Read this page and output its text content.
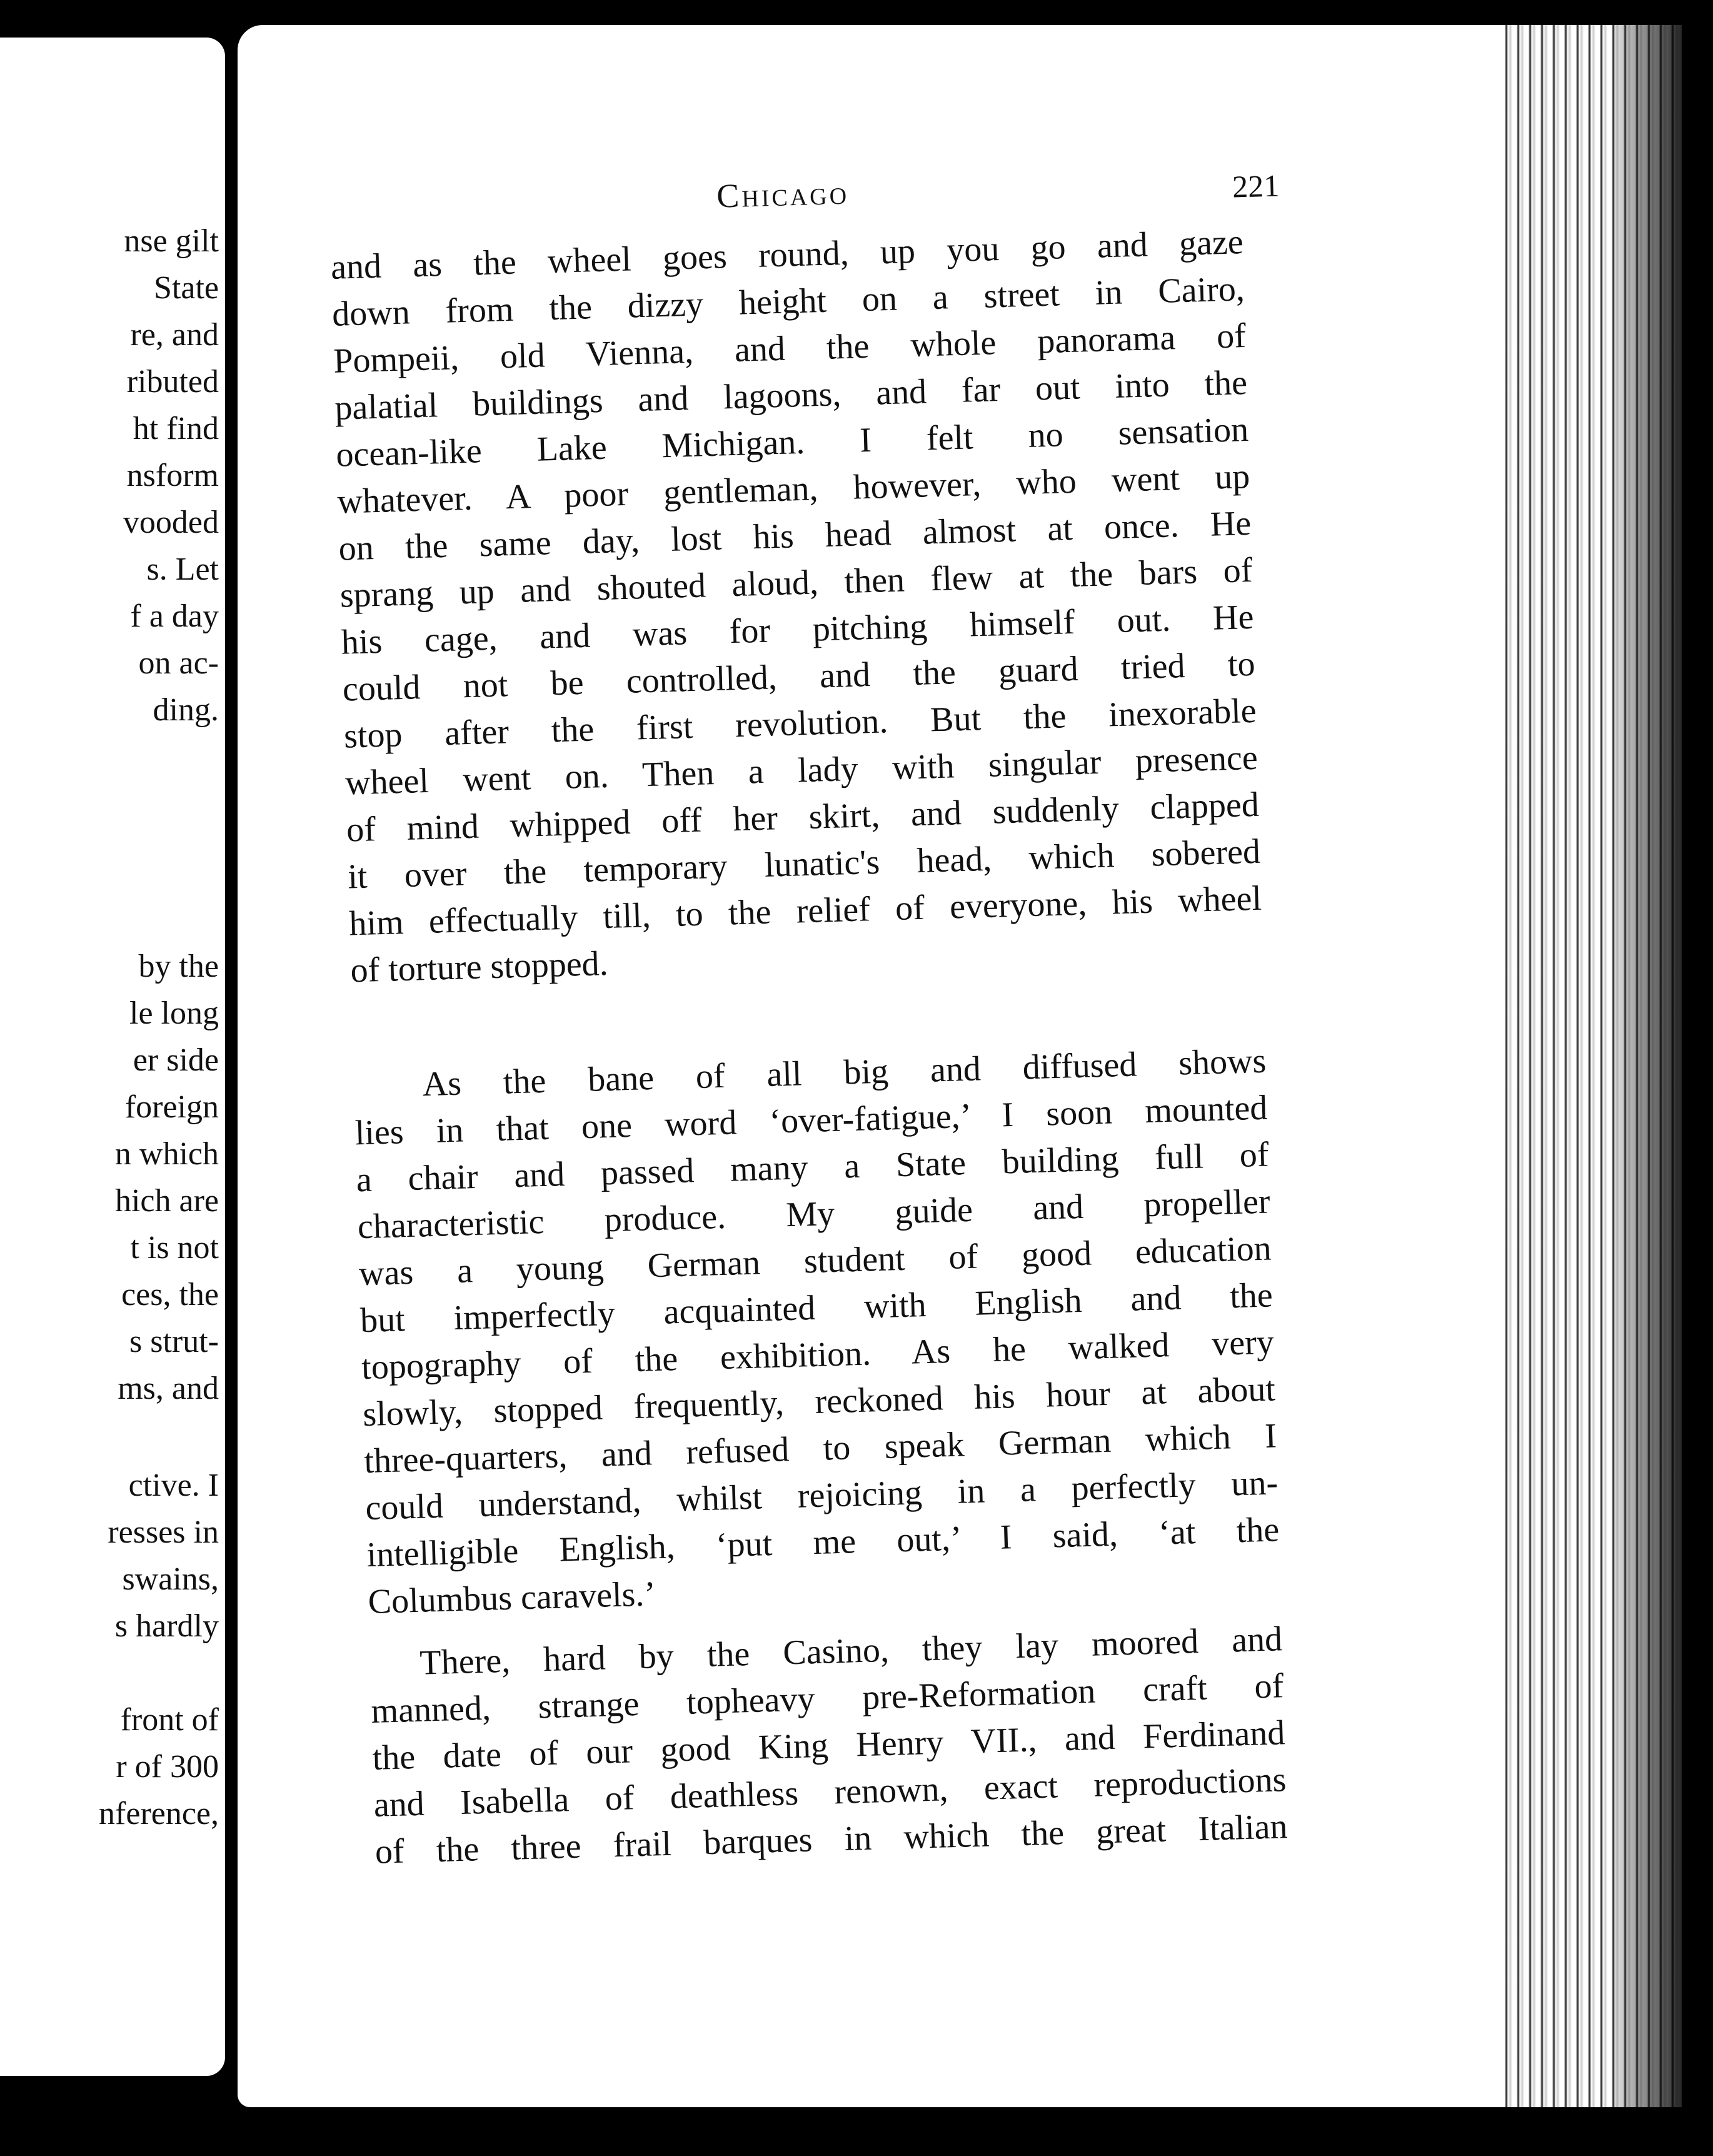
nse gilt
State
re, and
ributed
ht find
nsform
vooded
s. Let
f a day
on ac-
ding.
by the
le long
er side
foreign
n which
hich are
t is not
ces, the
s strut-
ms, and
ctive. I
resses in
swains,
s hardly
front of
r of 300
nference,
Chicago	221
and as the wheel goes round, up you go and gaze
down from the dizzy height on a street in Cairo,
Pompeii, old Vienna, and the whole panorama of
palatial buildings and lagoons, and far out into the
ocean-like Lake Michigan. I felt no sensation
whatever. A poor gentleman, however, who went up
on the same day, lost his head almost at once. He
sprang up and shouted aloud, then flew at the bars of
his cage, and was for pitching himself out. He
could not be controlled, and the guard tried to
stop after the first revolution. But the inexorable
wheel went on. Then a lady with singular presence
of mind whipped off her skirt, and suddenly clapped
it over the temporary lunatic's head, which sobered
him effectually till, to the relief of everyone, his wheel
of torture stopped.
As the bane of all big and diffused shows
lies in that one word ‘over-fatigue,’ I soon mounted
a chair and passed many a State building full of
characteristic produce. My guide and propeller
was a young German student of good education
but imperfectly acquainted with English and the
topography of the exhibition. As he walked very
slowly, stopped frequently, reckoned his hour at about
three-quarters, and refused to speak German which I
could understand, whilst rejoicing in a perfectly un-
intelligible English, ‘put me out,’ I said, ‘at the
Columbus caravels.’
There, hard by the Casino, they lay moored and
manned, strange topheavy pre-Reformation craft of
the date of our good King Henry VII., and Ferdinand
and Isabella of deathless renown, exact reproductions
of the three frail barques in which the great Italian
